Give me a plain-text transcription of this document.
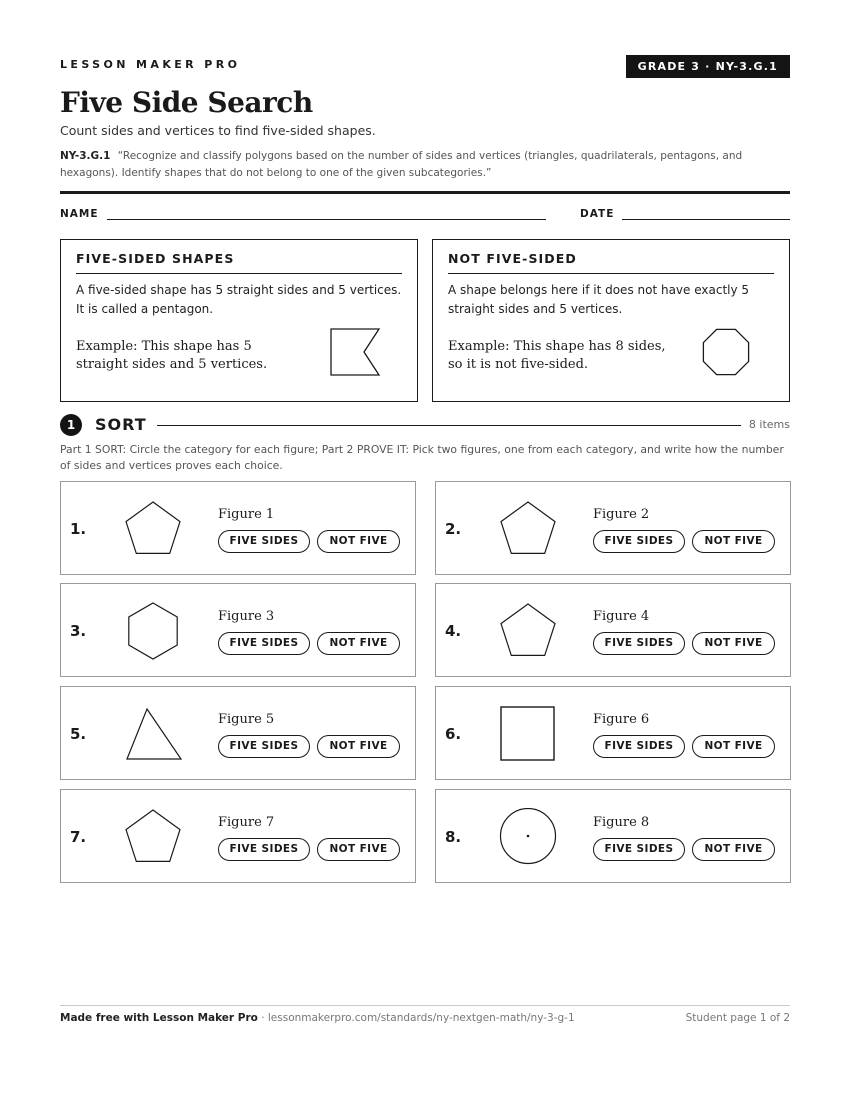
LESSON MAKER PRO	GRADE 3 · NY-3.G.1
Five Side Search
Count sides and vertices to find five-sided shapes.
NY-3.G.1 “Recognize and classify polygons based on the number of sides and vertices (triangles, quadrilaterals, pentagons, and hexagons). Identify shapes that do not belong to one of the given subcategories.”
NAME	DATE
FIVE-SIDED SHAPES
A five-sided shape has 5 straight sides and 5 vertices. It is called a pentagon.
Example: This shape has 5 straight sides and 5 vertices.
NOT FIVE-SIDED
A shape belongs here if it does not have exactly 5 straight sides and 5 vertices.
Example: This shape has 8 sides, so it is not five-sided.
1	SORT	8 items
Part 1 SORT: Circle the category for each figure; Part 2 PROVE IT: Pick two figures, one from each category, and write how the number of sides and vertices proves each choice.
1.
Figure 1
FIVE SIDES	NOT FIVE
2.
Figure 2
FIVE SIDES	NOT FIVE
3.
Figure 3
FIVE SIDES	NOT FIVE
4.
Figure 4
FIVE SIDES	NOT FIVE
5.
Figure 5
FIVE SIDES	NOT FIVE
6.
Figure 6
FIVE SIDES	NOT FIVE
7.
Figure 7
FIVE SIDES	NOT FIVE
8.
Figure 8
FIVE SIDES	NOT FIVE
Made free with Lesson Maker Pro · lessonmakerpro.com/standards/ny-nextgen-math/ny-3-g-1	Student page 1 of 2
